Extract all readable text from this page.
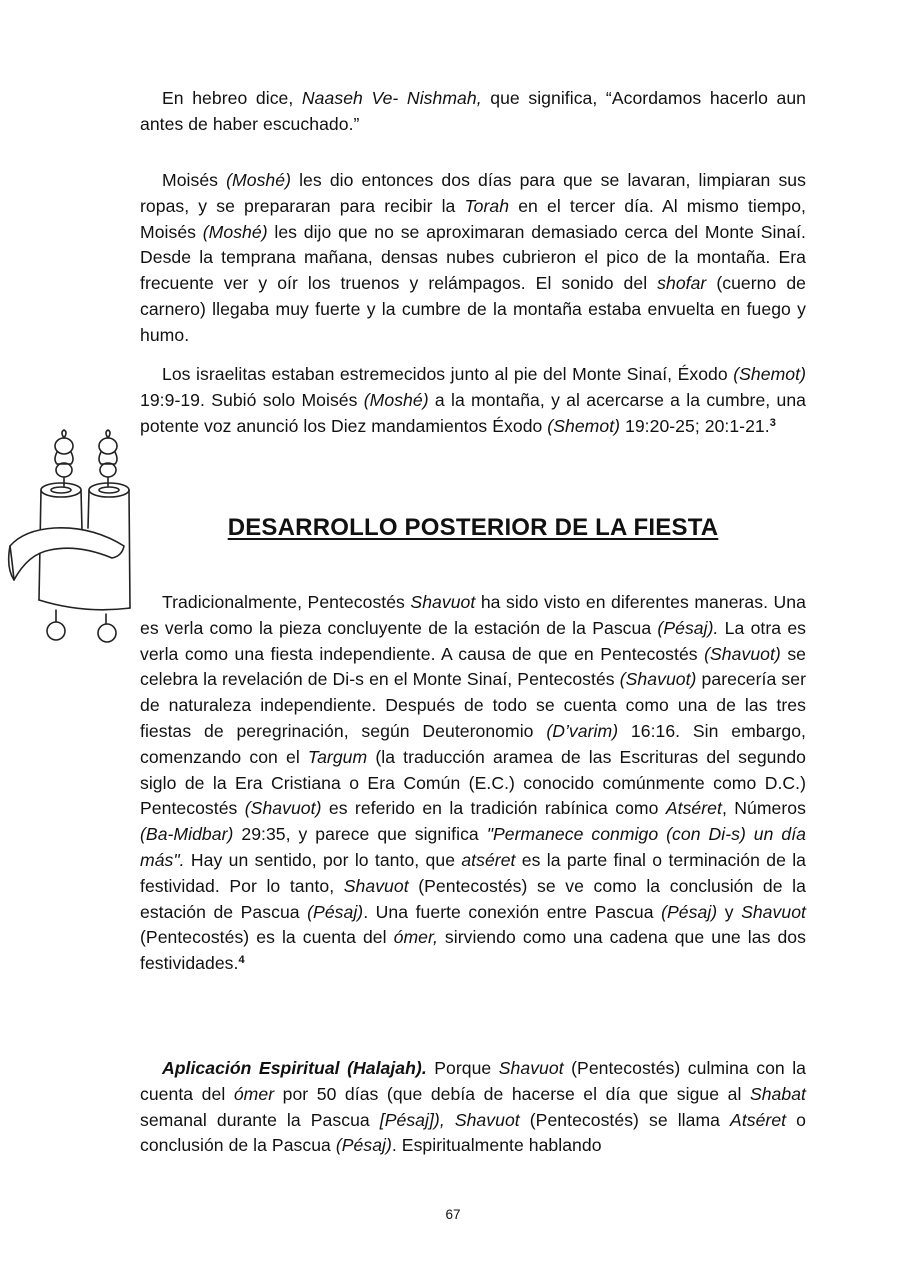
En hebreo dice, Naaseh Ve- Nishmah, que significa, “Acordamos hacerlo aun antes de haber escuchado.”

Moisés (Moshé) les dio entonces dos días para que se lavaran, limpiaran sus ropas, y se prepararan para recibir la Torah en el tercer día. Al mismo tiempo, Moisés (Moshé) les dijo que no se aproximaran demasiado cerca del Monte Sinaí. Desde la temprana mañana, densas nubes cubrieron el pico de la montaña. Era frecuente ver y oír los truenos y relámpagos. El sonido del shofar (cuerno de carnero) llegaba muy fuerte y la cumbre de la montaña estaba envuelta en fuego y humo.

Los israelitas estaban estremecidos junto al pie del Monte Sinaí, Éxodo (Shemot) 19:9-19. Subió solo Moisés (Moshé) a la montaña, y al acercarse a la cumbre, una potente voz anunció los Diez mandamientos Éxodo (Shemot) 19:20-25; 20:1-21.$^3$

DESARROLLO POSTERIOR DE LA FIESTA

Tradicionalmente, Pentecostés Shavuot ha sido visto en diferentes maneras. Una es verla como la pieza concluyente de la estación de la Pascua (Pésaj). La otra es verla como una fiesta independiente. A causa de que en Pentecostés (Shavuot) se celebra la revelación de Di-s en el Monte Sinaí, Pentecostés (Shavuot) parecería ser de naturaleza independiente. Después de todo se cuenta como una de las tres fiestas de peregrinación, según Deuteronomio (D’varim) 16:16. Sin embargo, comenzando con el Targum (la traducción aramea de las Escrituras del segundo siglo de la Era Cristiana o Era Común (E.C.) conocido comúnmente como D.C.) Pentecostés (Shavuot) es referido en la tradición rabínica como Atséret, Números (Ba-Midbar) 29:35, y parece que significa "Permanece conmigo (con Di-s) un día más". Hay un sentido, por lo tanto, que atséret es la parte final o terminación de la festividad. Por lo tanto, Shavuot (Pentecostés) se ve como la conclusión de la estación de Pascua (Pésaj). Una fuerte conexión entre Pascua (Pésaj) y Shavuot (Pentecostés) es la cuenta del ómer, sirviendo como una cadena que une las dos festividades.$^4$

Aplicación Espiritual (Halajah). Porque Shavuot (Pentecostés) culmina con la cuenta del ómer por 50 días (que debía de hacerse el día que sigue al Shabat semanal durante la Pascua [Pésaj]), Shavuot (Pentecostés) se llama Atséret o conclusión de la Pascua (Pésaj). Espiritualmente hablando

67
